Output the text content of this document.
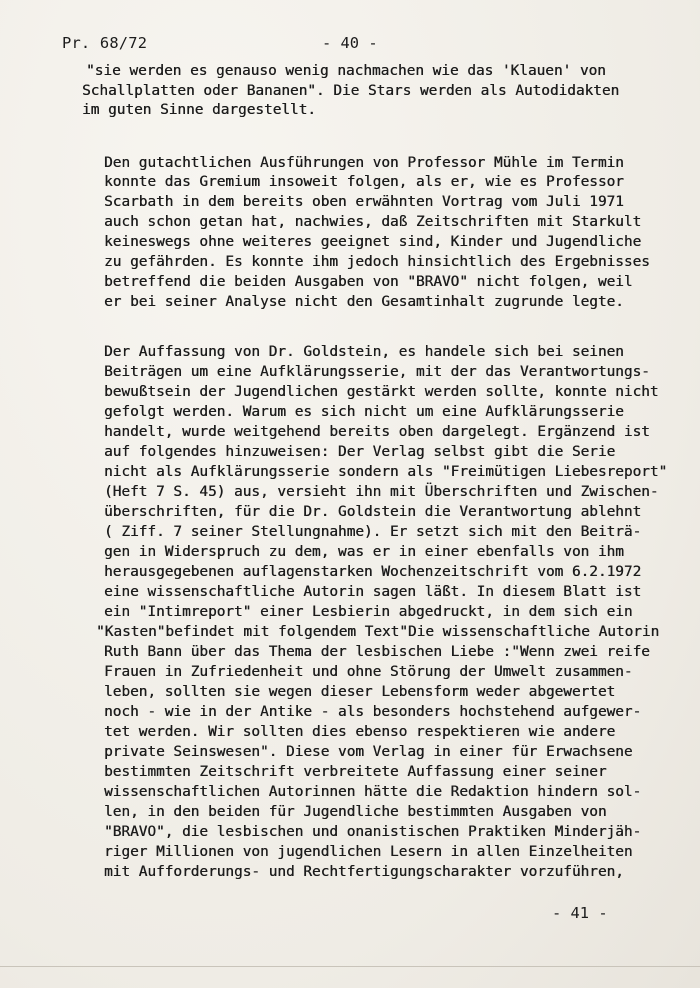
Pr. 68/72	- 40 -
"sie werden es genauso wenig nachmachen wie das 'Klauen' von
Schallplatten oder Bananen". Die Stars werden als Autodidakten
im guten Sinne dargestellt.
Den gutachtlichen Ausführungen von Professor Mühle im Termin
konnte das Gremium insoweit folgen, als er, wie es Professor
Scarbath in dem bereits oben erwähnten Vortrag vom Juli 1971
auch schon getan hat, nachwies, daß Zeitschriften mit Starkult
keineswegs ohne weiteres geeignet sind, Kinder und Jugendliche
zu gefährden. Es konnte ihm jedoch hinsichtlich des Ergebnisses
betreffend die beiden Ausgaben von "BRAVO" nicht folgen, weil
er bei seiner Analyse nicht den Gesamtinhalt zugrunde legte.
Der Auffassung von Dr. Goldstein, es handele sich bei seinen
Beiträgen um eine Aufklärungsserie, mit der das Verantwortungs-
bewußtsein der Jugendlichen gestärkt werden sollte, konnte nicht
gefolgt werden. Warum es sich nicht um eine Aufklärungsserie
handelt, wurde weitgehend bereits oben dargelegt. Ergänzend ist
auf folgendes hinzuweisen: Der Verlag selbst gibt die Serie
nicht als Aufklärungsserie sondern als "Freimütigen Liebesreport"
(Heft 7 S. 45) aus, versieht ihn mit Überschriften und Zwischen-
überschriften, für die Dr. Goldstein die Verantwortung ablehnt
( Ziff. 7 seiner Stellungnahme). Er setzt sich mit den Beiträ-
gen in Widerspruch zu dem, was er in einer ebenfalls von ihm
herausgegebenen auflagenstarken Wochenzeitschrift vom 6.2.1972
eine wissenschaftliche Autorin sagen läßt. In diesem Blatt ist
ein "Intimreport" einer Lesbierin abgedruckt, in dem sich ein
"Kasten"befindet mit folgendem Text"Die wissenschaftliche Autorin
Ruth Bann über das Thema der lesbischen Liebe :"Wenn zwei reife
Frauen in Zufriedenheit und ohne Störung der Umwelt zusammen-
leben, sollten sie wegen dieser Lebensform weder abgewertet
noch - wie in der Antike - als besonders hochstehend aufgewer-
tet werden. Wir sollten dies ebenso respektieren wie andere
private Seinswesen". Diese vom Verlag in einer für Erwachsene
bestimmten Zeitschrift verbreitete Auffassung einer seiner
wissenschaftlichen Autorinnen hätte die Redaktion hindern sol-
len, in den beiden für Jugendliche bestimmten Ausgaben von
"BRAVO", die lesbischen und onanistischen Praktiken Minderjäh-
riger Millionen von jugendlichen Lesern in allen Einzelheiten
mit Aufforderungs- und Rechtfertigungscharakter vorzuführen,
- 41 -
